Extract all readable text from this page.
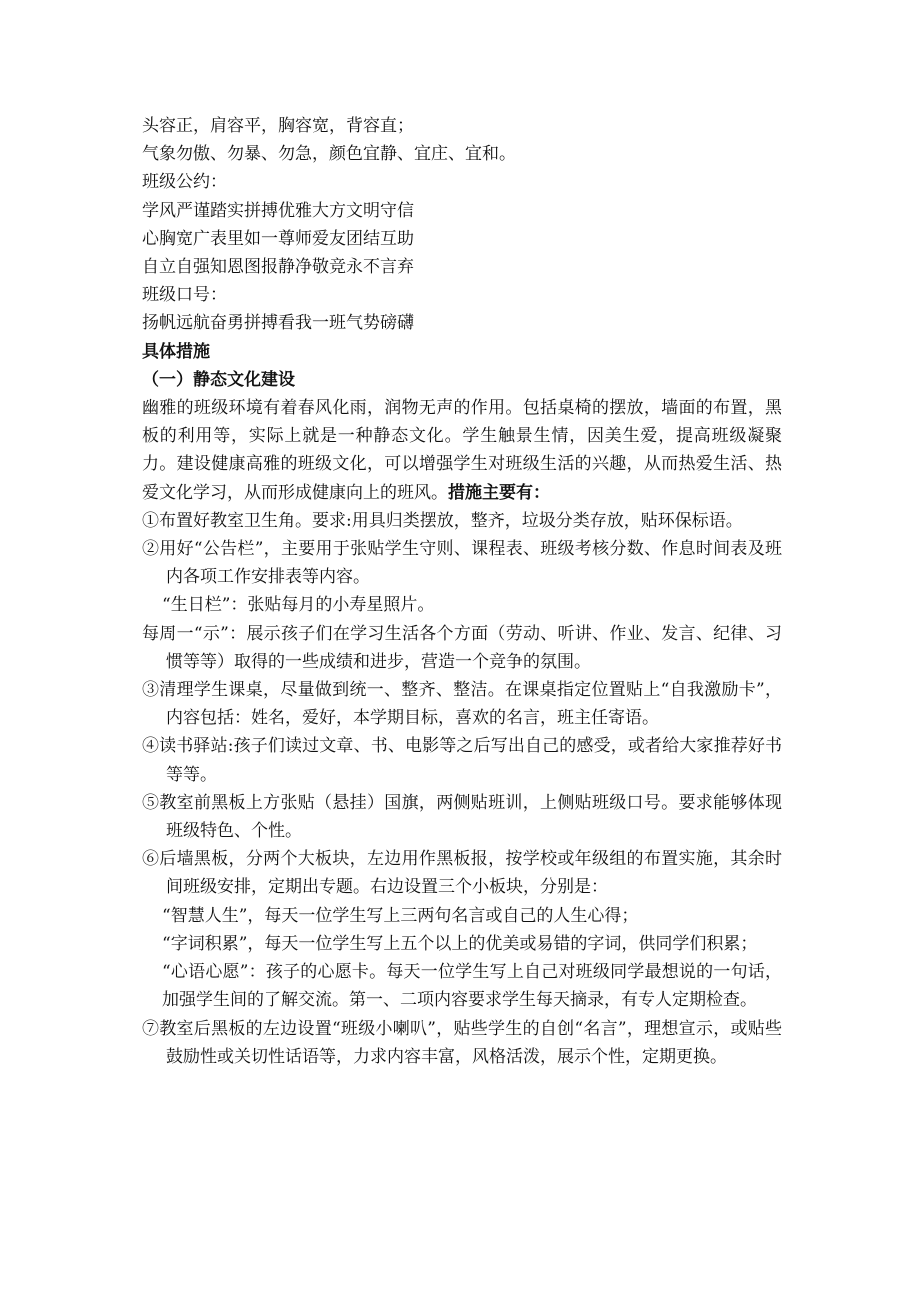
头容正，肩容平，胸容宽，背容直；
气象勿傲、勿暴、勿急，颜色宜静、宜庄、宜和。
班级公约：
学风严谨踏实拼搏优雅大方文明守信
心胸宽广表里如一尊师爱友团结互助
自立自强知恩图报静净敬竞永不言弃
班级口号：
扬帆远航奋勇拼搏看我一班气势磅礴
具体措施
（一）静态文化建设
幽雅的班级环境有着春风化雨，润物无声的作用。包括桌椅的摆放，墙面的布置，黑板的利用等，实际上就是一种静态文化。学生触景生情，因美生爱，提高班级凝聚力。建设健康高雅的班级文化，可以增强学生对班级生活的兴趣，从而热爱生活、热爱文化学习，从而形成健康向上的班风。措施主要有：
①布置好教室卫生角。要求:用具归类摆放，整齐，垃圾分类存放，贴环保标语。
②用好“公告栏”，主要用于张贴学生守则、课程表、班级考核分数、作息时间表及班内各项工作安排表等内容。
“生日栏”：张贴每月的小寿星照片。
每周一“示”：展示孩子们在学习生活各个方面（劳动、听讲、作业、发言、纪律、习惯等等）取得的一些成绩和进步，营造一个竞争的氛围。
③清理学生课桌，尽量做到统一、整齐、整洁。在课桌指定位置贴上“自我激励卡”，内容包括：姓名，爱好，本学期目标，喜欢的名言，班主任寄语。
④读书驿站:孩子们读过文章、书、电影等之后写出自己的感受，或者给大家推荐好书等等。
⑤教室前黑板上方张贴（悬挂）国旗，两侧贴班训，上侧贴班级口号。要求能够体现班级特色、个性。
⑥后墙黑板，分两个大板块，左边用作黑板报，按学校或年级组的布置实施，其余时间班级安排，定期出专题。右边设置三个小板块，分别是：
“智慧人生”，每天一位学生写上三两句名言或自己的人生心得；
“字词积累”，每天一位学生写上五个以上的优美或易错的字词，供同学们积累；
“心语心愿”：孩子的心愿卡。每天一位学生写上自己对班级同学最想说的一句话，加强学生间的了解交流。第一、二项内容要求学生每天摘录，有专人定期检查。
⑦教室后黑板的左边设置“班级小喇叭”，贴些学生的自创“名言”，理想宣示，或贴些鼓励性或关切性话语等，力求内容丰富，风格活泼，展示个性，定期更换。
